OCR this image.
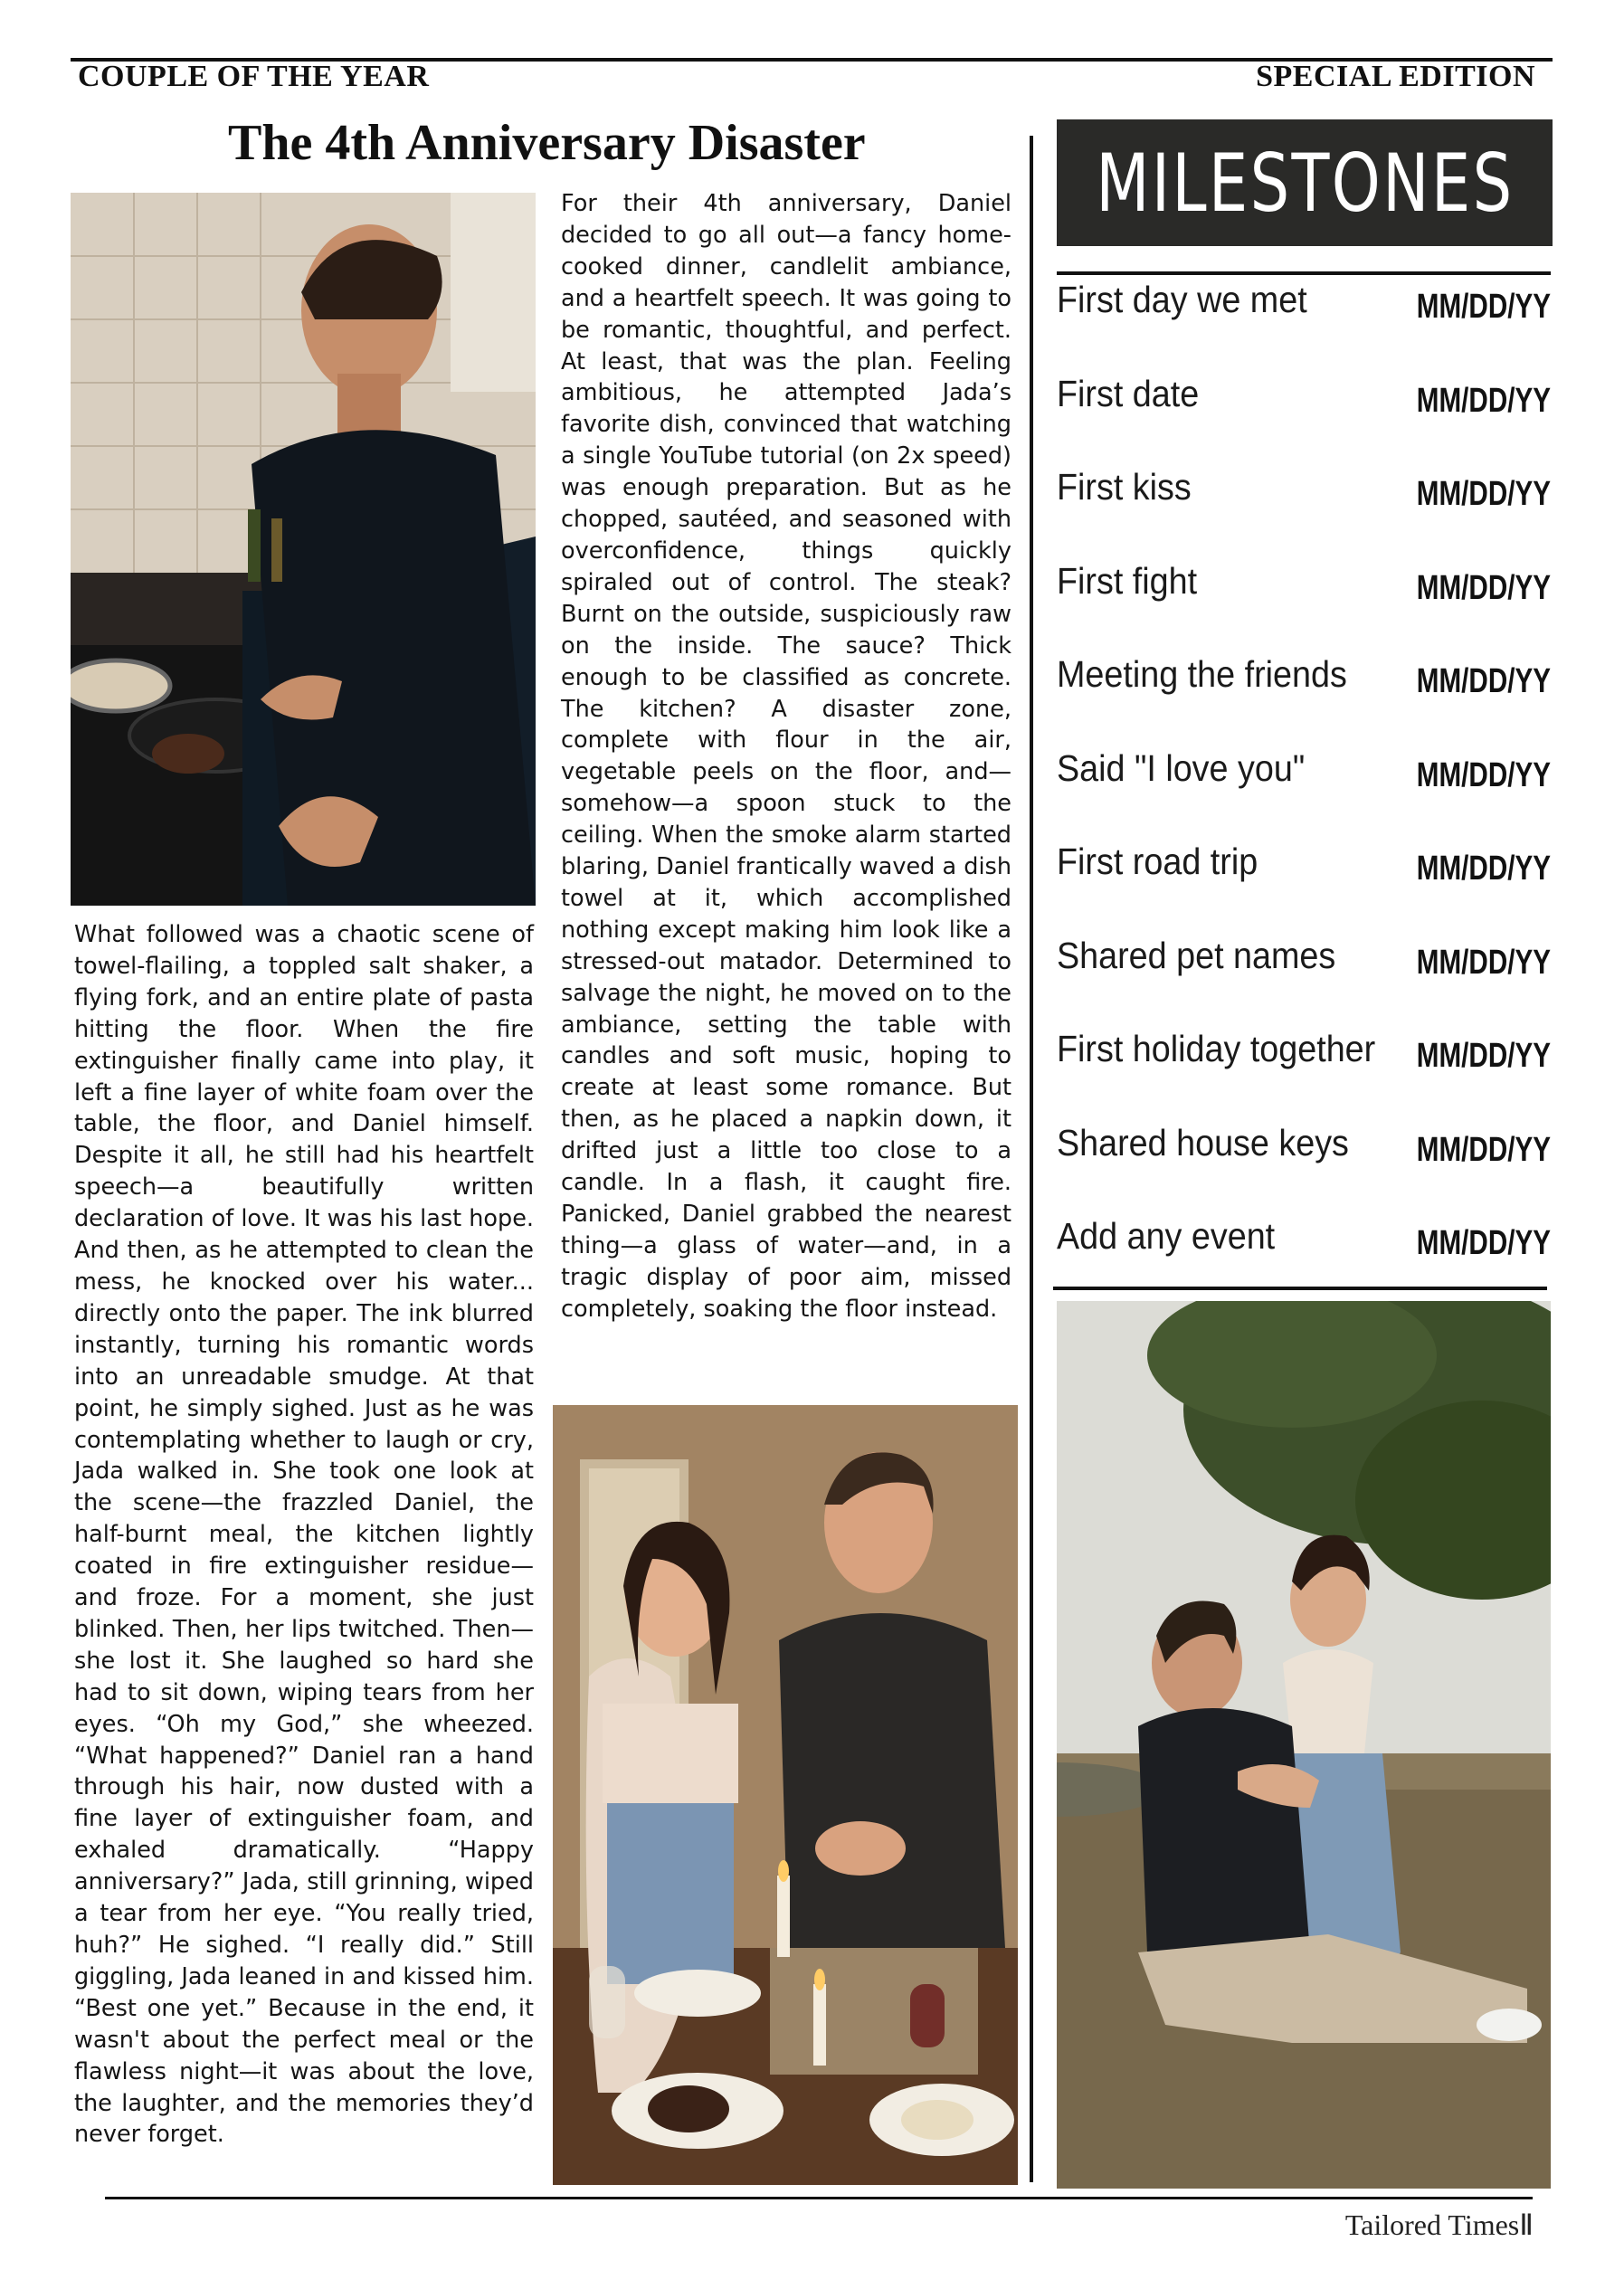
COUPLE OF THE YEAR	SPECIAL EDITION
The 4th Anniversary Disaster

What followed was a chaotic scene of towel-flailing, a toppled salt shaker, a flying fork, and an entire plate of pasta hitting the floor. When the fire extinguisher finally came into play, it left a fine layer of white foam over the table, the floor, and Daniel himself. Despite it all, he still had his heartfelt speech—a beautifully written declaration of love. It was his last hope. And then, as he attempted to clean the mess, he knocked over his water... directly onto the paper. The ink blurred instantly, turning his romantic words into an unreadable smudge. At that point, he simply sighed. Just as he was contemplating whether to laugh or cry, Jada walked in. She took one look at the scene—the frazzled Daniel, the half-burnt meal, the kitchen lightly coated in fire extinguisher residue—and froze. For a moment, she just blinked. Then, her lips twitched. Then—she lost it. She laughed so hard she had to sit down, wiping tears from her eyes. “Oh my God,” she wheezed. “What happened?” Daniel ran a hand through his hair, now dusted with a fine layer of extinguisher foam, and exhaled dramatically. “Happy anniversary?” Jada, still grinning, wiped a tear from her eye. “You really tried, huh?” He sighed. “I really did.” Still giggling, Jada leaned in and kissed him. “Best one yet.” Because in the end, it wasn't about the perfect meal or the flawless night—it was about the love, the laughter, and the memories they’d never forget.

For their 4th anniversary, Daniel decided to go all out—a fancy home-cooked dinner, candlelit ambiance, and a heartfelt speech. It was going to be romantic, thoughtful, and perfect. At least, that was the plan. Feeling ambitious, he attempted Jada’s favorite dish, convinced that watching a single YouTube tutorial (on 2x speed) was enough preparation. But as he chopped, sautéed, and seasoned with overconfidence, things quickly spiraled out of control. The steak? Burnt on the outside, suspiciously raw on the inside. The sauce? Thick enough to be classified as concrete. The kitchen? A disaster zone, complete with flour in the air, vegetable peels on the floor, and—somehow—a spoon stuck to the ceiling. When the smoke alarm started blaring, Daniel frantically waved a dish towel at it, which accomplished nothing except making him look like a stressed-out matador. Determined to salvage the night, he moved on to the ambiance, setting the table with candles and soft music, hoping to create at least some romance. But then, as he placed a napkin down, it drifted just a little too close to a candle. In a flash, it caught fire. Panicked, Daniel grabbed the nearest thing—a glass of water—and, in a tragic display of poor aim, missed completely, soaking the floor instead.

MILESTONES
First day we met	MM/DD/YY
First date	MM/DD/YY
First kiss	MM/DD/YY
First fight	MM/DD/YY
Meeting the friends MM/DD/YY
Said "I love you"	MM/DD/YY
First road trip	MM/DD/YY
Shared pet names MM/DD/YY
First holiday together MM/DD/YY
Shared house keys MM/DD/YY
Add any event	MM/DD/YY
Tailored TimesⅡ
